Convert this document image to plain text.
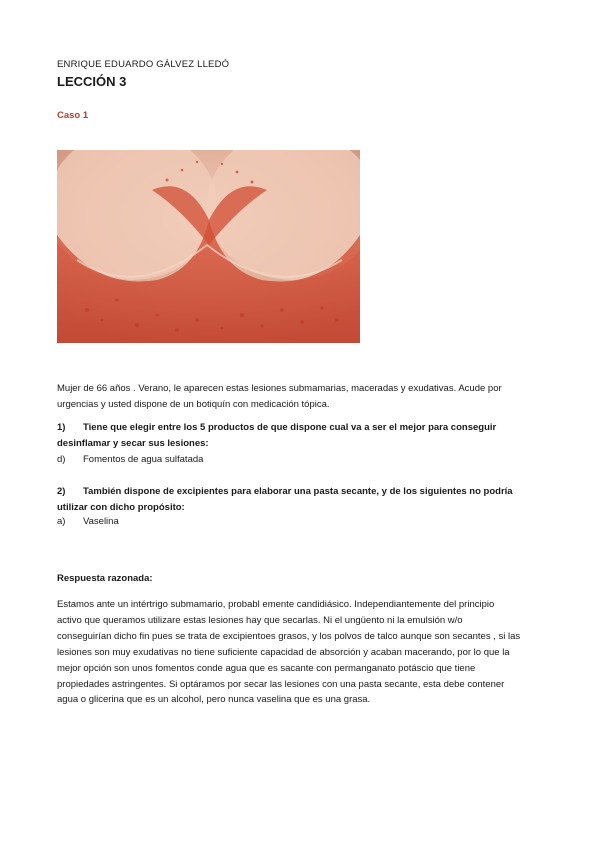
ENRIQUE EDUARDO GÁLVEZ LLEDÓ
LECCIÓN 3
Caso 1
Mujer de 66 años . Verano, le aparecen estas lesiones submamarias, maceradas y exudativas. Acude por
urgencias y usted dispone de un botiquín con medicación tópica.
1) Tiene que elegir entre los 5 productos de que dispone cual va a ser el mejor para conseguir
desinflamar y secar sus lesiones:
d) Fomentos de agua sulfatada
2) También dispone de excipientes para elaborar una pasta secante, y de los siguientes no podría
utilizar con dicho propósito:
a) Vaselina
Respuesta razonada:
Estamos ante un intértrigo submamario, probabl emente candidiásico. Independiantemente del principio
activo que queramos utilizare estas lesiones hay que secarlas. Ni el ungüento ni la emulsión w/o
conseguirían dicho fin pues se trata de excipientoes grasos, y los polvos de talco aunque son secantes , si las
lesiones son muy exudativas no tiene suficiente capacidad de absorción y acaban macerando, por lo que la
mejor opción son unos fomentos conde agua que es sacante con permanganato potáscio que tiene
propiedades astringentes. Si optáramos por secar las lesiones con una pasta secante, esta debe contener
agua o glicerina que es un alcohol, pero nunca vaselina que es una grasa.
